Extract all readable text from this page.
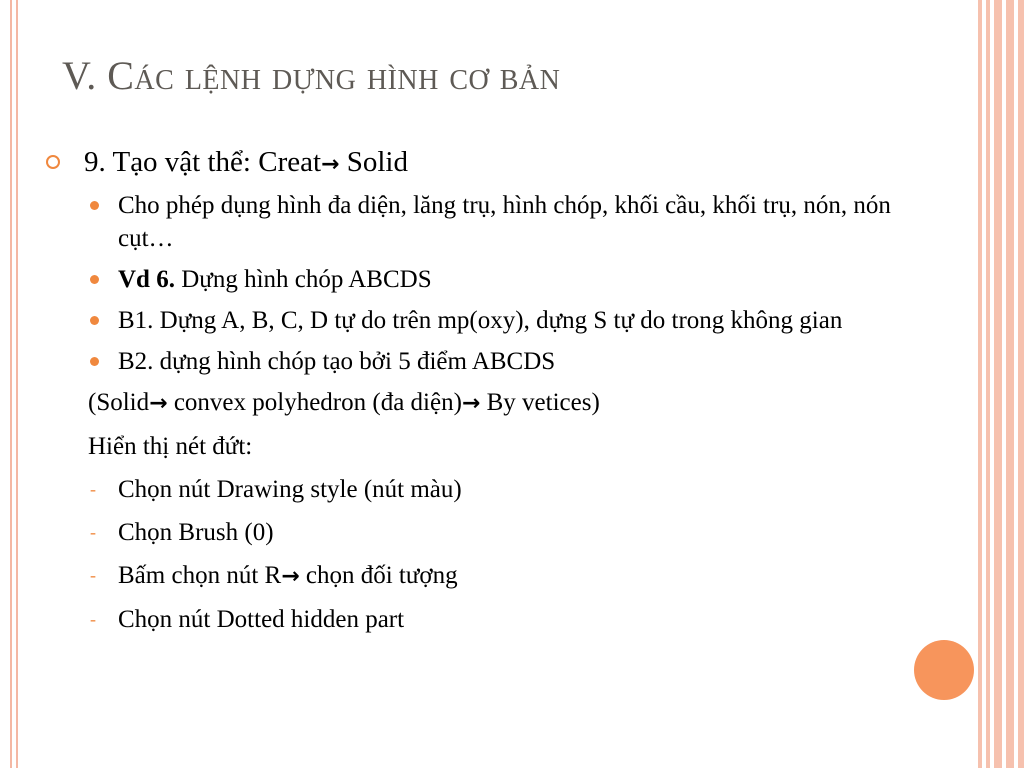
V. Các lệnh dựng hình cơ bản
9. Tạo vật thể: Creat→ Solid
Cho phép dụng hình đa diện, lăng trụ, hình chóp, khối cầu, khối trụ, nón, nón cụt…
Vd 6. Dựng hình chóp ABCDS
B1. Dựng A, B, C, D tự do trên mp(oxy), dựng S tự do trong không gian
B2. dựng hình chóp tạo bởi 5 điểm ABCDS
(Solid→ convex polyhedron (đa diện)→ By vetices)
Hiển thị nét đứt:
- Chọn nút Drawing style (nút màu)
- Chọn Brush (0)
- Bấm chọn nút R→ chọn đối tượng
- Chọn nút Dotted hidden part
